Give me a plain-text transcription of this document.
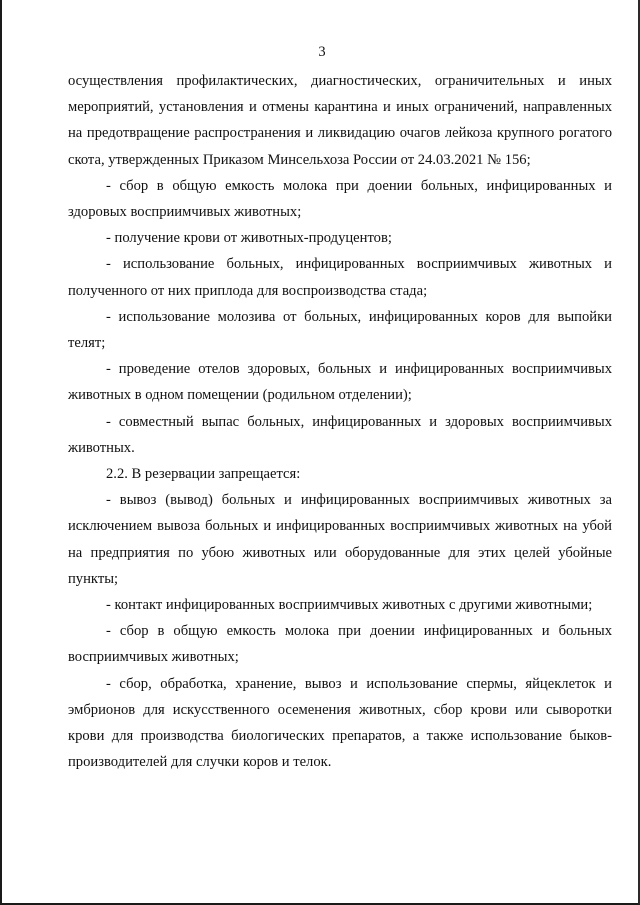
3

осуществления профилактических, диагностических, ограничительных и иных мероприятий, установления и отмены карантина и иных ограничений, направленных на предотвращение распространения и ликвидацию очагов лейкоза крупного рогатого скота, утвержденных Приказом Минсельхоза России от 24.03.2021 № 156;

- сбор в общую емкость молока при доении больных, инфицированных и здоровых восприимчивых животных;

- получение крови от животных-продуцентов;

- использование больных, инфицированных восприимчивых животных и полученного от них приплода для воспроизводства стада;

- использование молозива от больных, инфицированных коров для выпойки телят;

- проведение отелов здоровых, больных и инфицированных восприимчивых животных в одном помещении (родильном отделении);

- совместный выпас больных, инфицированных и здоровых восприимчивых животных.

2.2. В резервации запрещается:

- вывоз (вывод) больных и инфицированных восприимчивых животных за исключением вывоза больных и инфицированных восприимчивых животных на убой на предприятия по убою животных или оборудованные для этих целей убойные пункты;

- контакт инфицированных восприимчивых животных с другими животными;

- сбор в общую емкость молока при доении инфицированных и больных восприимчивых животных;

- сбор, обработка, хранение, вывоз и использование спермы, яйцеклеток и эмбрионов для искусственного осеменения животных, сбор крови или сыворотки крови для производства биологических препаратов, а также использование быков-производителей для случки коров и телок.
